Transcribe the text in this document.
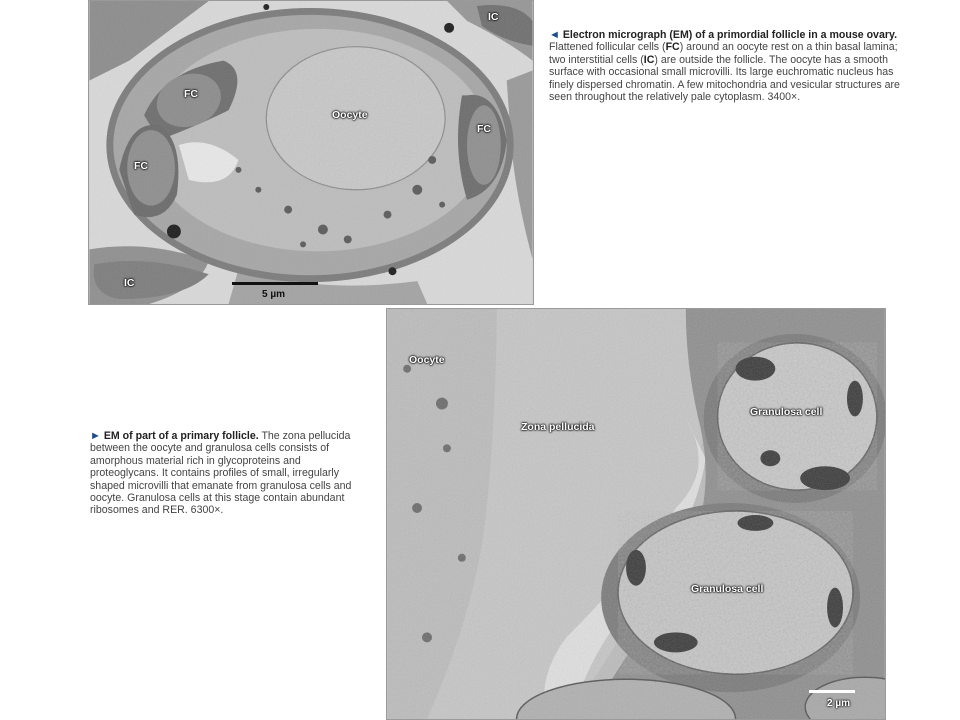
IC
FC
Oocyte
FC
FC
IC
5 µm
◄ Electron micrograph (EM) of a primordial follicle in a mouse ovary. Flattened follicular cells (FC) around an oocyte rest on a thin basal lamina; two interstitial cells (IC) are outside the follicle. The oocyte has a smooth surface with occasional small microvilli. Its large euchromatic nucleus has finely dispersed chromatin. A few mitochondria and vesicular structures are seen throughout the relatively pale cytoplasm. 3400×.
Oocyte
Zona pellucida
Granulosa cell
Granulosa cell
2 µm
► EM of part of a primary follicle. The zona pellucida between the oocyte and granulosa cells consists of amorphous material rich in glycoproteins and proteoglycans. It contains profiles of small, irregularly shaped microvilli that emanate from granulosa cells and oocyte. Granulosa cells at this stage contain abundant ribosomes and RER. 6300×.
